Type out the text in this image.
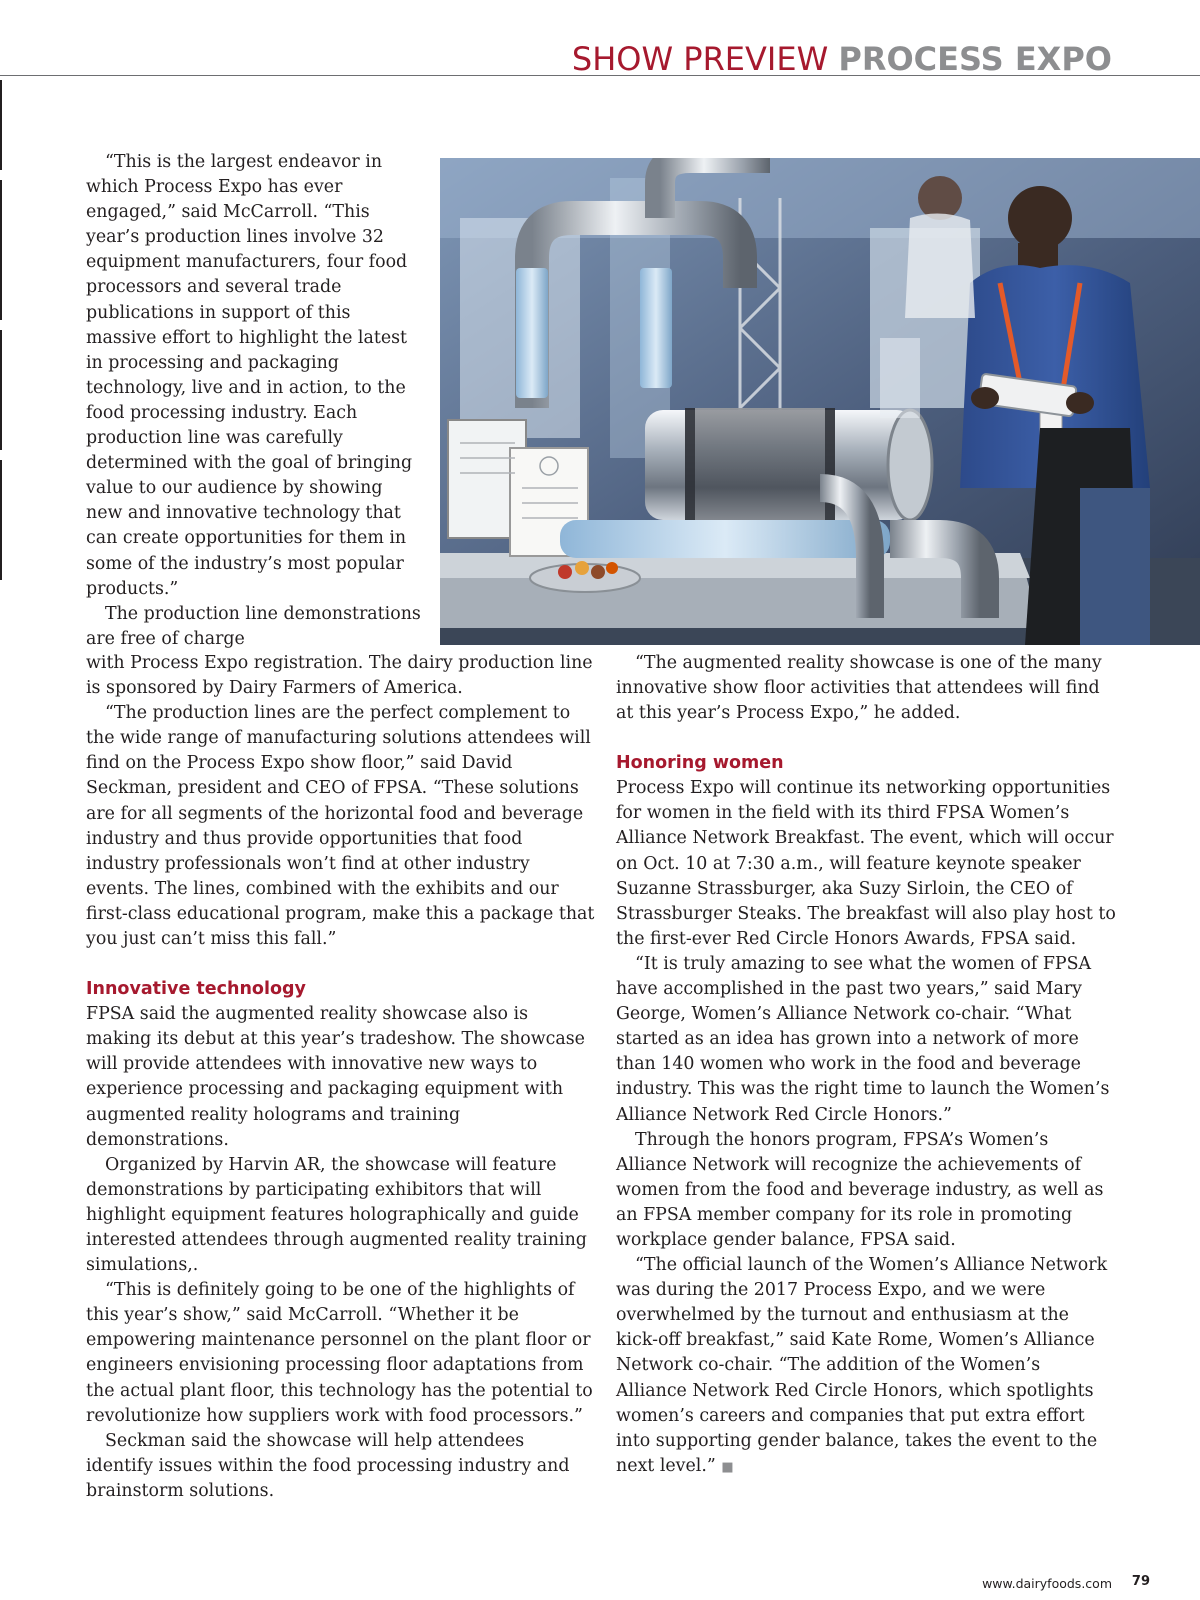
SHOW PREVIEW PROCESS EXPO

“This is the largest endeavor in which Process Expo has ever engaged,” said McCarroll. “This year’s production lines involve 32 equipment manufacturers, four food processors and several trade publications in support of this massive effort to highlight the latest in processing and packaging technology, live and in action, to the food processing industry. Each production line was carefully determined with the goal of bringing value to our audience by showing new and innovative technology that can create opportunities for them in some of the industry’s most popular products.”

The production line demonstrations are free of charge

with Process Expo registration. The dairy production line is sponsored by Dairy Farmers of America.

“The production lines are the perfect complement to the wide range of manufacturing solutions attendees will find on the Process Expo show floor,” said David Seckman, president and CEO of FPSA. “These solutions are for all segments of the horizontal food and beverage industry and thus provide opportunities that food industry professionals won’t find at other industry events. The lines, combined with the exhibits and our first-class educational program, make this a package that you just can’t miss this fall.”

Innovative technology

FPSA said the augmented reality showcase also is making its debut at this year’s tradeshow. The showcase will provide attendees with innovative new ways to experience processing and packaging equipment with augmented reality holograms and training demonstrations.

Organized by Harvin AR, the showcase will feature demonstrations by participating exhibitors that will highlight equipment features holographically and guide interested attendees through augmented reality training simulations,.

“This is definitely going to be one of the highlights of this year’s show,” said McCarroll. “Whether it be empowering maintenance personnel on the plant floor or engineers envisioning processing floor adaptations from the actual plant floor, this technology has the potential to revolutionize how suppliers work with food processors.”

Seckman said the showcase will help attendees identify issues within the food processing industry and brainstorm solutions.

“The augmented reality showcase is one of the many innovative show floor activities that attendees will find at this year’s Process Expo,” he added.

Honoring women

Process Expo will continue its networking opportunities for women in the field with its third FPSA Women’s Alliance Network Breakfast. The event, which will occur on Oct. 10 at 7:30 a.m., will feature keynote speaker Suzanne Strassburger, aka Suzy Sirloin, the CEO of Strassburger Steaks. The breakfast will also play host to the first-ever Red Circle Honors Awards, FPSA said.

“It is truly amazing to see what the women of FPSA have accomplished in the past two years,” said Mary George, Women’s Alliance Network co-chair. “What started as an idea has grown into a network of more than 140 women who work in the food and beverage industry. This was the right time to launch the Women’s Alliance Network Red Circle Honors.”

Through the honors program, FPSA’s Women’s Alliance Network will recognize the achievements of women from the food and beverage industry, as well as an FPSA member company for its role in promoting workplace gender balance, FPSA said.

“The official launch of the Women’s Alliance Network was during the 2017 Process Expo, and we were overwhelmed by the turnout and enthusiasm at the kick-off breakfast,” said Kate Rome, Women’s Alliance Network co-chair. “The addition of the Women’s Alliance Network Red Circle Honors, which spotlights women’s careers and companies that put extra effort into supporting gender balance, takes the event to the next level.” ■

www.dairyfoods.com 79
